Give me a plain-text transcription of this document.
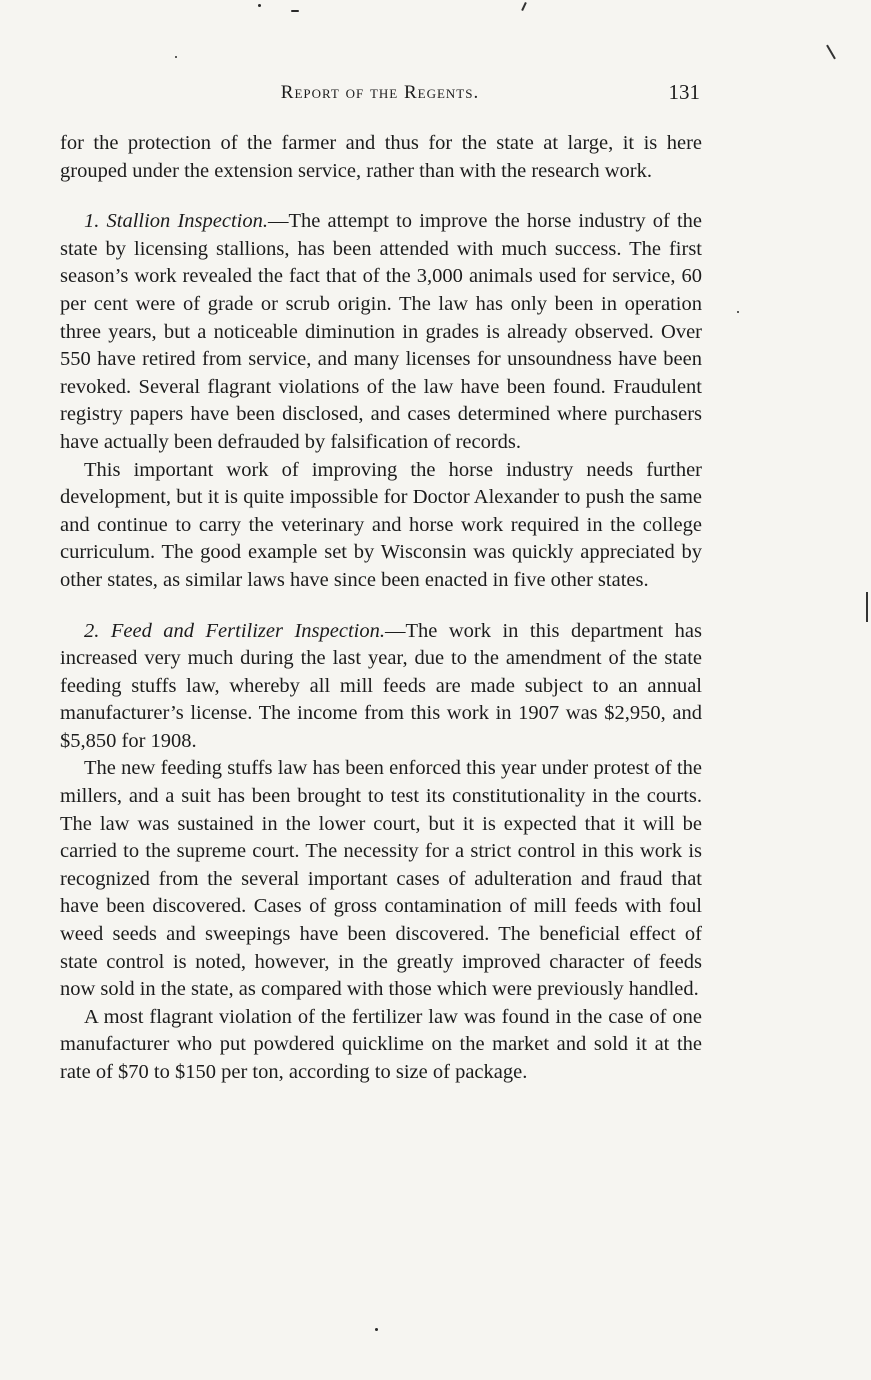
Report of the Regents.	131

for the protection of the farmer and thus for the state at large, it is here grouped under the extension service, rather than with the research work.

1. Stallion Inspection.—The attempt to improve the horse industry of the state by licensing stallions, has been attended with much success. The first season’s work revealed the fact that of the 3,000 animals used for service, 60 per cent were of grade or scrub origin. The law has only been in operation three years, but a noticeable diminution in grades is already observed. Over 550 have retired from service, and many licenses for unsoundness have been revoked. Several flagrant violations of the law have been found. Fraudulent registry papers have been disclosed, and cases determined where purchasers have actually been defrauded by falsification of records.

This important work of improving the horse industry needs further development, but it is quite impossible for Doctor Alexander to push the same and continue to carry the veterinary and horse work required in the college curriculum. The good example set by Wisconsin was quickly appreciated by other states, as similar laws have since been enacted in five other states.

2. Feed and Fertilizer Inspection.—The work in this department has increased very much during the last year, due to the amendment of the state feeding stuffs law, whereby all mill feeds are made subject to an annual manufacturer’s license. The income from this work in 1907 was $2,950, and $5,850 for 1908.

The new feeding stuffs law has been enforced this year under protest of the millers, and a suit has been brought to test its constitutionality in the courts. The law was sustained in the lower court, but it is expected that it will be carried to the supreme court. The necessity for a strict control in this work is recognized from the several important cases of adulteration and fraud that have been discovered. Cases of gross contamination of mill feeds with foul weed seeds and sweepings have been discovered. The beneficial effect of state control is noted, however, in the greatly improved character of feeds now sold in the state, as compared with those which were previously handled.

A most flagrant violation of the fertilizer law was found in the case of one manufacturer who put powdered quicklime on the market and sold it at the rate of $70 to $150 per ton, according to size of package.
